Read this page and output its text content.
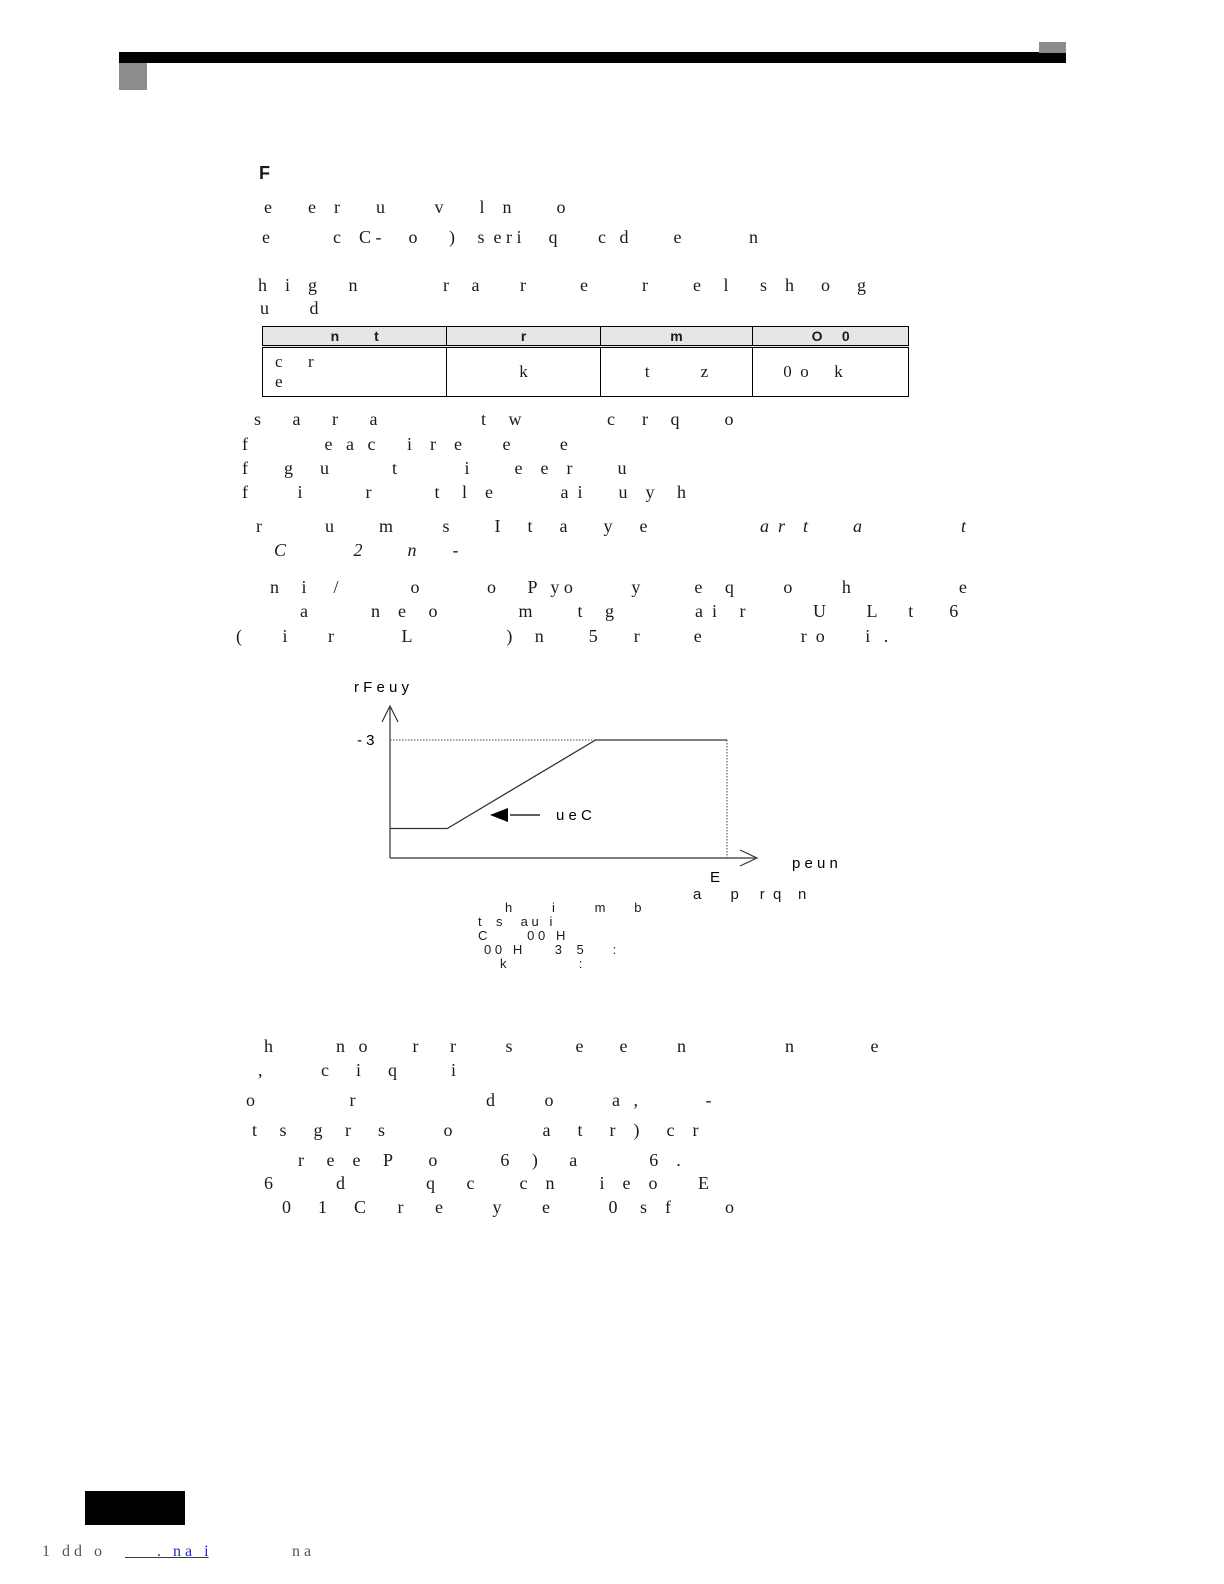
F
e        e    r        u           v        l    n          o
e              c    C -      o       )     s  e r i      q         c   d          e               n
h    i    g       n                   r     a         r            e            r          e     l       s    h      o      g
u         d
n         t	r	m	O     0
c      r
e	k	t            z	0  o      k
s       a       r       a                       t     w                   c      r     q          o
f                 e   a   c       i    r    e         e           e
f        g      u              t               i          e    e    r          u
f           i              r              t     l    e               a  i        u    y     h
r              u          m           s          I      t      a        y      e	a  r    t          a                      t
C               2          n        -
n     i      /                o               o       P   y o             y            e     q           o           h                        e
a              n    e     o                  m          t     g                  a  i     r               U         L       t        6
(         i         r               L                     )     n          5        r            e                      r  o         i   .
r F e u y
- 3
u e C
E
p e u n
a       p     r  q    n
h           i           m        b
t    s     a u   i
C           0 0   H
0 0   H         3    5        :
k                    :
h              n   o          r       r           s              e        e           n                      n                 e
,             c      i      q            i
o                     r                             d           o             a   ,               -
t     s      g     r      s             o                    a      t      r    )      c    r
r     e    e     P        o              6     )       a                6    .
6              d                  q       c          c    n          i    e    o         E
0      1      C       r       e           y         e             0     s    f            o
1   d d   o .   n a   i	n a
